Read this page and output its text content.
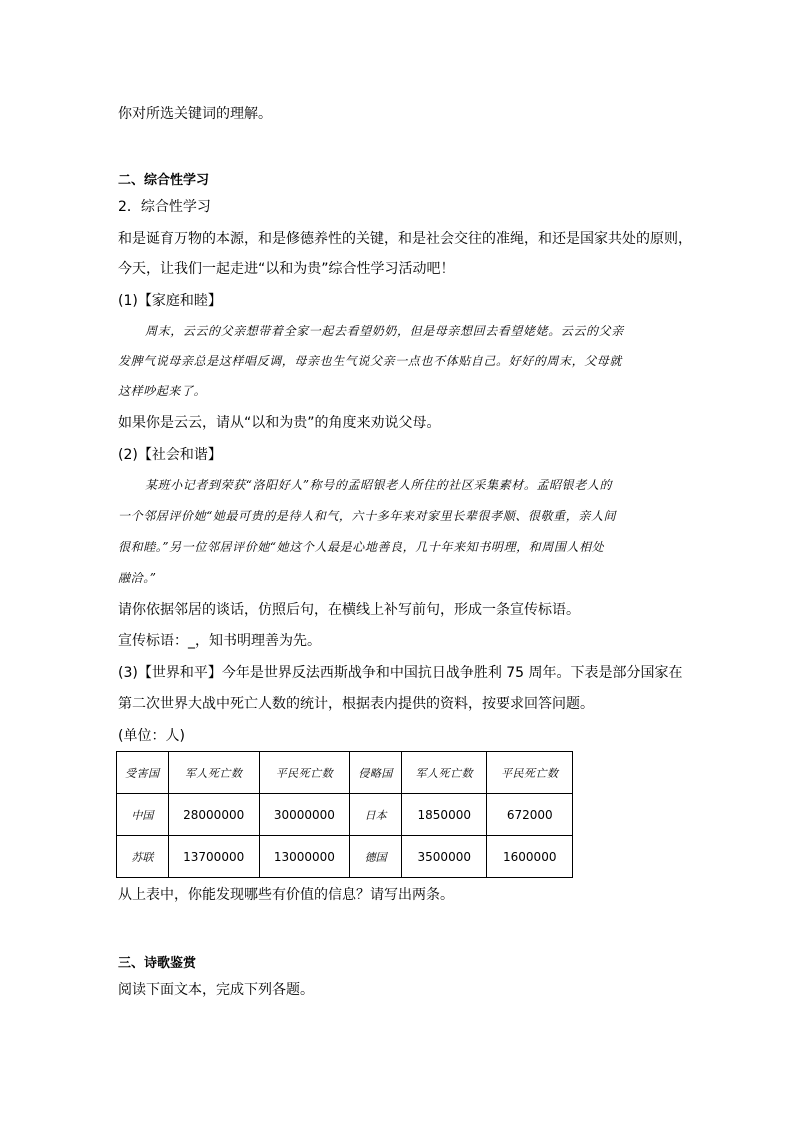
你对所选关键词的理解。
二、综合性学习
2．综合性学习
和是诞育万物的本源，和是修德养性的关键，和是社会交往的准绳，和还是国家共处的原则，
今天，让我们一起走进“以和为贵”综合性学习活动吧！
(1)【家庭和睦】
周末，云云的父亲想带着全家一起去看望奶奶，但是母亲想回去看望姥姥。云云的父亲
发脾气说母亲总是这样唱反调，母亲也生气说父亲一点也不体贴自己。好好的周末，父母就
这样吵起来了。
如果你是云云，请从“以和为贵”的角度来劝说父母。
(2)【社会和谐】
某班小记者到荣获“洛阳好人”称号的孟昭银老人所住的社区采集素材。孟昭银老人的
一个邻居评价她“她最可贵的是待人和气，六十多年来对家里长辈很孝顺、很敬重，亲人间
很和睦。”另一位邻居评价她“她这个人最是心地善良，几十年来知书明理，和周围人相处
融洽。”
请你依据邻居的谈话，仿照后句，在横线上补写前句，形成一条宣传标语。
宣传标语：_，知书明理善为先。
(3)【世界和平】今年是世界反法西斯战争和中国抗日战争胜利 75 周年。下表是部分国家在
第二次世界大战中死亡人数的统计，根据表内提供的资料，按要求回答问题。
(单位：人)
受害国	军人死亡数	平民死亡数	侵略国	军人死亡数	平民死亡数
中国	28000000	30000000	日本	1850000	672000
苏联	13700000	13000000	德国	3500000	1600000
从上表中，你能发现哪些有价值的信息？请写出两条。
三、诗歌鉴赏
阅读下面文本，完成下列各题。
